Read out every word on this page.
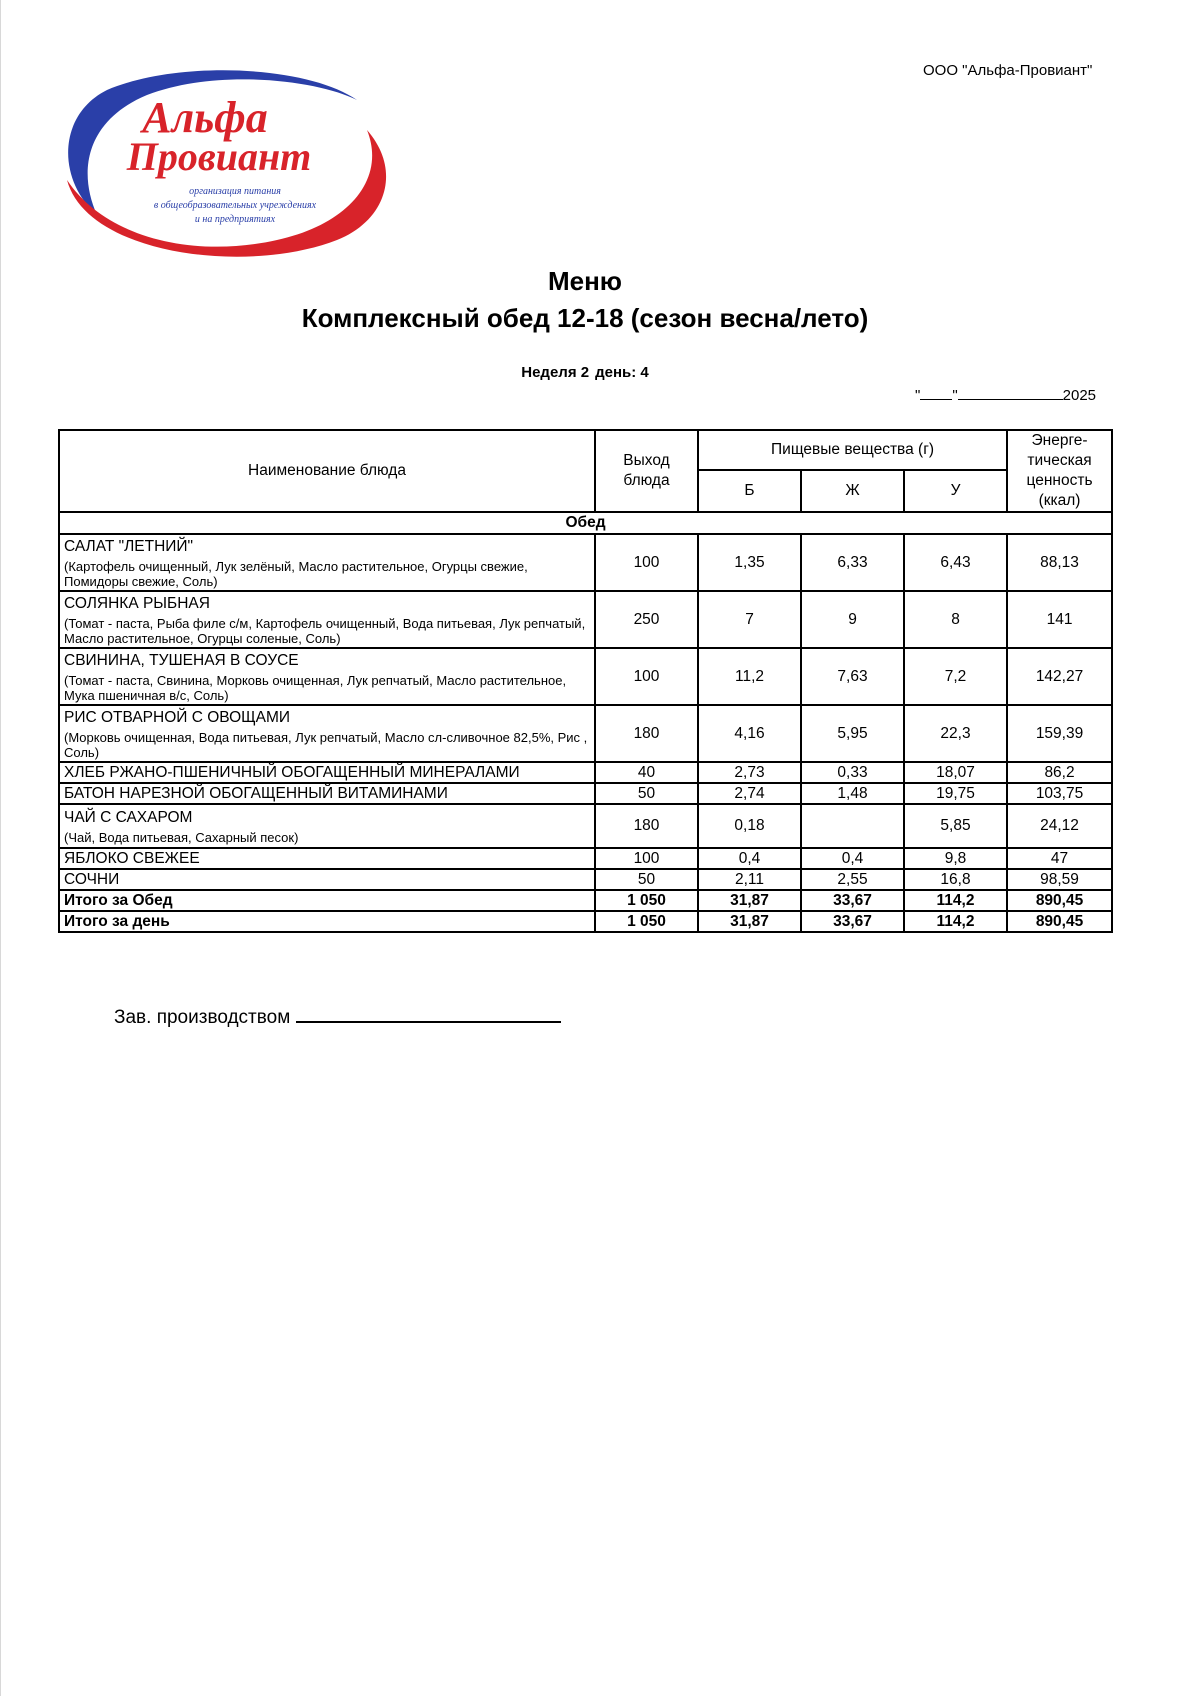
ООО "Альфа-Провиант"
Альфа
Провиант
организация питания
в общеобразовательных учреждениях
и на предприятиях
Меню
Комплексный обед 12-18 (сезон весна/лето)
Неделя 2 день: 4
" "	2025
Наименование блюда	Выход блюда	Пищевые вещества (г)			Энерге-
тическая
ценность
(ккал)

		Б	Ж	У	
Обед					

САЛАТ "ЛЕТНИЙ"
(Картофель очищенный, Лук зелёный, Масло растительное, Огурцы свежие, Помидоры свежие, Соль)	100	1,35	6,33	6,43	88,13

СОЛЯНКА РЫБНАЯ
(Томат - паста, Рыба филе с/м, Картофель очищенный, Вода питьевая, Лук репчатый, Масло растительное, Огурцы соленые, Соль)	250	7	9	8	141

СВИНИНА, ТУШЕНАЯ В СОУСЕ
(Томат - паста, Свинина, Морковь очищенная, Лук репчатый, Масло растительное, Мука пшеничная в/с, Соль)	100	11,2	7,63	7,2	142,27

РИС ОТВАРНОЙ С ОВОЩАМИ
(Морковь очищенная, Вода питьевая, Лук репчатый, Масло сл-сливочное 82,5%, Рис , Соль)	180	4,16	5,95	22,3	159,39
ХЛЕБ РЖАНО-ПШЕНИЧНЫЙ ОБОГАЩЕННЫЙ МИНЕРАЛАМИ	40	2,73	0,33	18,07	86,2
БАТОН НАРЕЗНОЙ ОБОГАЩЕННЫЙ ВИТАМИНАМИ	50	2,74	1,48	19,75	103,75

ЧАЙ С САХАРОМ
(Чай, Вода питьевая, Сахарный песок)	180	0,18		5,85	24,12
ЯБЛОКО СВЕЖЕЕ	100	0,4	0,4	9,8	47
СОЧНИ	50	2,11	2,55	16,8	98,59
Итого за Обед	1 050	31,87	33,67	114,2	890,45
Итого за день	1 050	31,87	33,67	114,2	890,45
Зав. производством
